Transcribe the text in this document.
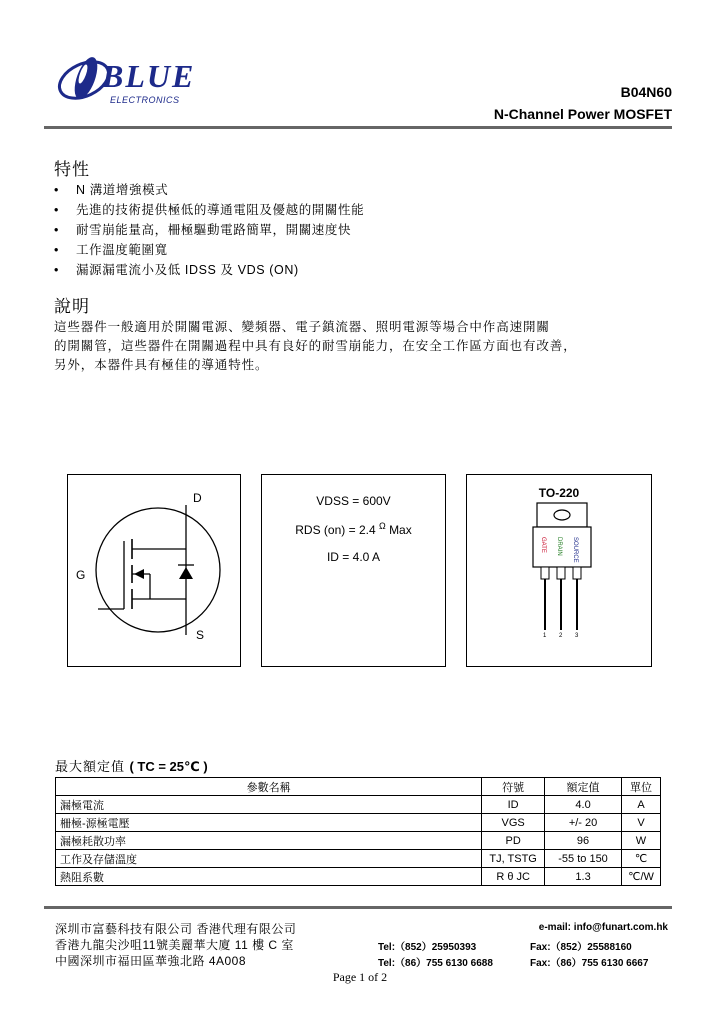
BLUE
ELECTRONICS	B04N60
N-Channel Power MOSFET
特性
• N 溝道增強模式
• 先進的技術提供極低的導通電阻及優越的開關性能
• 耐雪崩能量高，柵極驅動電路簡單，開關速度快
• 工作溫度範圍寬
• 漏源漏電流小及低 IDSS 及 VDS (ON)
說明
這些器件一般適用於開關電源、變頻器、電子鎮流器、照明電源等場合中作高速開關
的開關管，這些器件在開關過程中具有良好的耐雪崩能力，在安全工作區方面也有改善，
另外，本器件具有極佳的導通特性。
D
G
S
VDSS = 600V
RDS (on) = 2.4 $^\Omega$ Max
ID = 4.0 A
TO-220
GATE DRAIN SOURCE
1 2 3
最大額定值 ( TC = 25℃ )
參數名稱	符號	額定值	單位
漏極電流	ID	4.0	A
柵極-源極電壓	VGS	+/- 20	V
漏極耗散功率	PD	96	W
工作及存儲溫度	TJ, TSTG	-55 to 150	℃
熱阻系數	R θ JC	1.3	℃/W
深圳市富藝科技有限公司 香港代理有限公司
香港九龍尖沙咀11號美麗華大廈 11 樓 C 室
中國深圳市福田區華強北路 4A008
e-mail: info@funart.com.hk
Tel:（852）25950393	Fax:（852）25588160
Tel:（86）755 6130 6688	Fax:（86）755 6130 6667
Page 1 of 2
